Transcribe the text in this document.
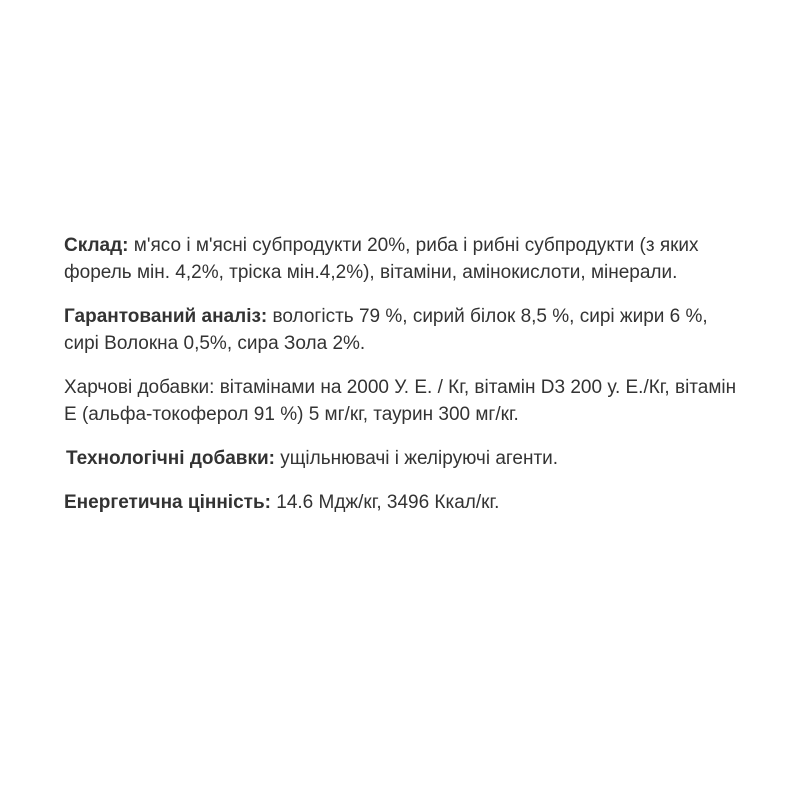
Склад: м'ясо і м'ясні субпродукти 20%, риба і рибні субпродукти (з яких форель мін. 4,2%, тріска мін.4,2%), вітаміни, амінокислоти, мінерали.

Гарантований аналіз: вологість 79 %, сирий білок 8,5 %, сирі жири 6 %, сирі Волокна 0,5%, сира Зола 2%.

Харчові добавки: вітамінами на 2000 У. Е. / Кг, вітамін D3 200 у. Е./Кг, вітамін Е (альфа-токоферол 91 %) 5 мг/кг, таурин 300 мг/кг.

Технологічні добавки: ущільнювачі і желіруючі агенти.

Енергетична цінність: 14.6 Мдж/кг, 3496 Ккал/кг.
